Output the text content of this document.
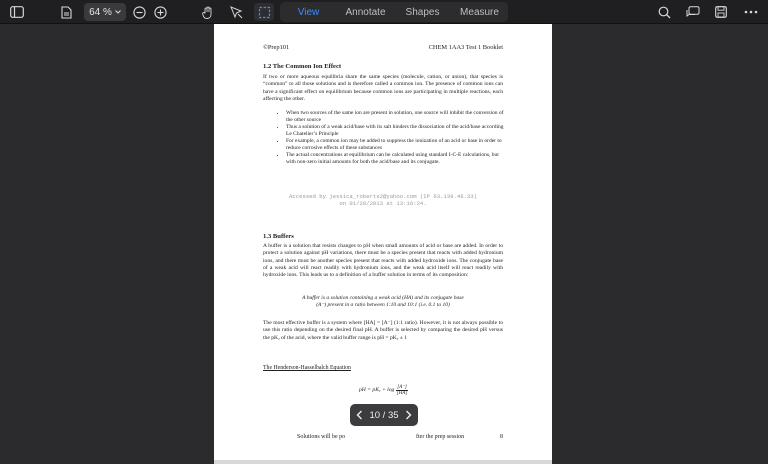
64 %	View	Annotate	Shapes	Measure
©Prep101	CHEM 1AA3 Test 1 Booklet
1.2 The Common Ion Effect
If two or more aqueous equilibria share the same species (molecule, cation, or anion), that species is “common” to all those solutions and is therefore called a common ion. The presence of common ions can have a significant effect on equilibrium because common ions are participating in multiple reactions, each affecting the other.
• When two sources of the same ion are present in solution, one source will inhibit the conversion of the other source
• Thus a solution of a weak acid/base with its salt hinders the dissociation of the acid/base according Le Chatelier’s Principle
• For example, a common ion may be added to suppress the ionization of an acid or base in order to reduce corrosive effects of these substances
• The actual concentrations at equilibrium can be calculated using standard I-C-E calculations, but with non-zero initial amounts for both the acid/base and its conjugate.
Accessed by jessica_roberts2@yahoo.com (IP 63.139.46.33)
on 01/20/2013 at 13:16:24.
1.3 Buffers
A buffer is a solution that resists changes to pH when small amounts of acid or base are added. In order to protect a solution against pH variations, there must be a species present that reacts with added hydronium ions, and there must be another species present that reacts with added hydroxide ions. The conjugate base of a weak acid will react readily with hydronium ions, and the weak acid itself will react readily with hydroxide ions. This leads us to a definition of a buffer solution in terms of its composition:
A buffer is a solution containing a weak acid (HA) and its conjugate base
(A⁻) present in a ratio between 1:10 and 10:1 (i.e. 0.1 to 10)
The most effective buffer is a system where [HA] = [A⁻] (1:1 ratio). However, it is not always possible to use this ratio depending on the desired final pH. A buffer is selected by comparing the desired pH versus the pKₐ of the acid, where the valid buffer range is pH = pKₐ ± 1
The Henderson-Hasselbalch Equation
pH = $pK_a + \log \frac{[A^-]}{[HA]}$
Solutions will be po	fter the prep session	8
10 / 35
